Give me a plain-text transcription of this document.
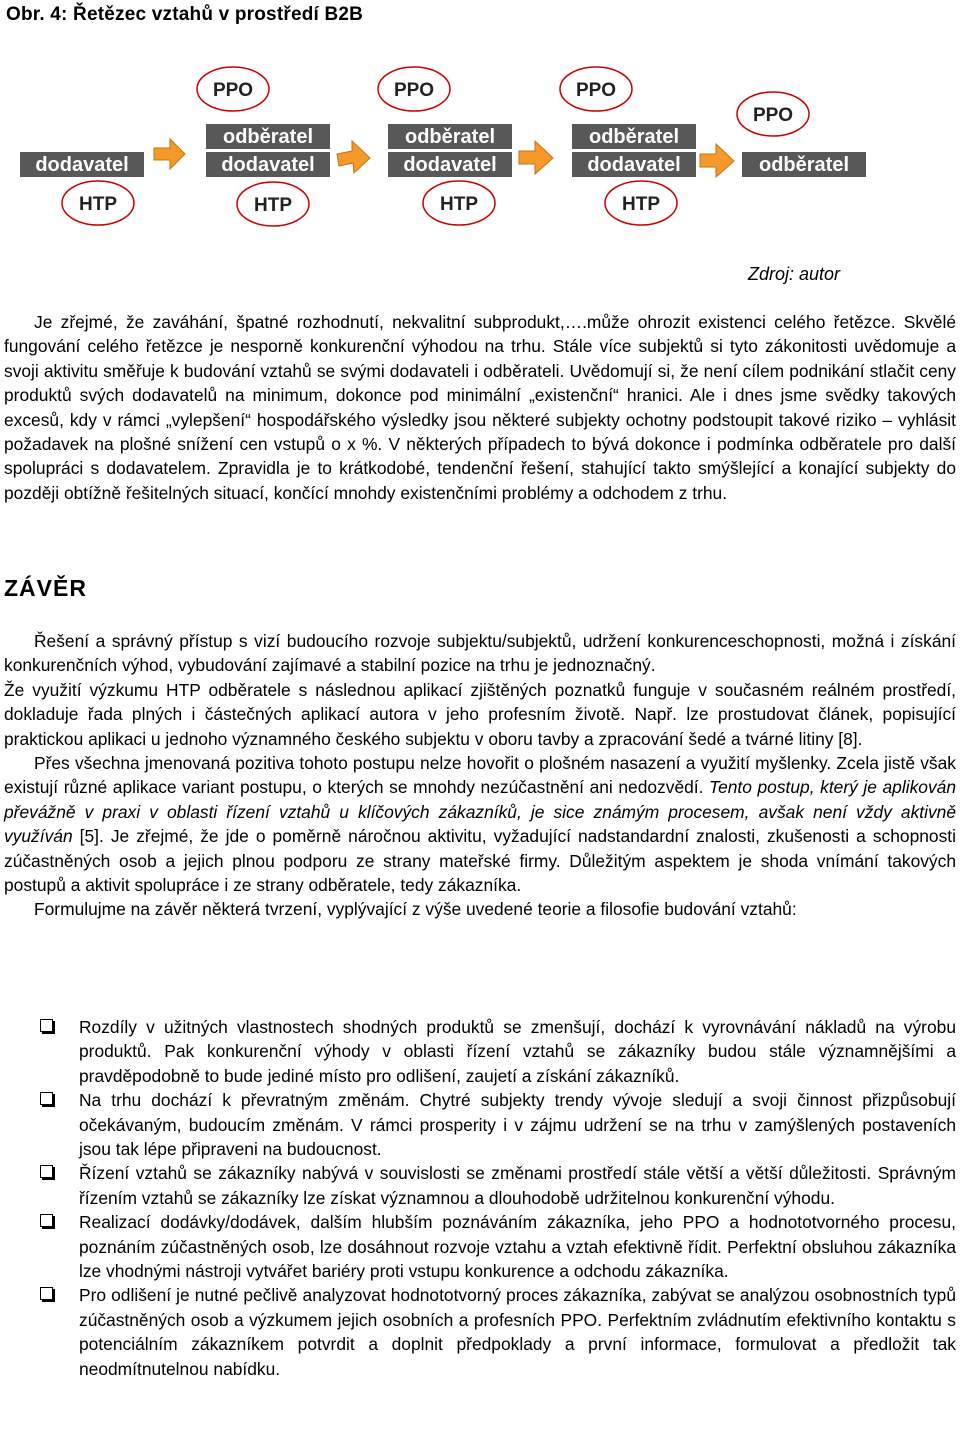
Obr. 4: Řetězec vztahů v prostředí B2B
PPO
odběratel
dodavatel	dodavatel
HTP	HTP
PPO
odběratel
dodavatel
HTP
PPO
odběratel
dodavatel
HTP
PPO
odběratel
Zdroj: autor

Je zřejmé, že zaváhání, špatné rozhodnutí, nekvalitní subprodukt,….může ohrozit existenci celého řetězce. Skvělé fungování celého řetězce je nesporně konkurenční výhodou na trhu. Stále více subjektů si tyto zákonitosti uvědomuje a svoji aktivitu směřuje k budování vztahů se svými dodavateli i odběrateli. Uvědomují si, že není cílem podnikání stlačit ceny produktů svých dodavatelů na minimum, dokonce pod minimální „existenční“ hranici. Ale i dnes jsme svědky takových excesů, kdy v rámci „vylepšení“ hospodářského výsledky jsou některé subjekty ochotny podstoupit takové riziko – vyhlásit požadavek na plošné snížení cen vstupů o x %. V některých případech to bývá dokonce i podmínka odběratele pro další spolupráci s dodavatelem. Zpravidla je to krátkodobé, tendenční řešení, stahující takto smýšlející a konající subjekty do později obtížně řešitelných situací, končící mnohdy existenčními problémy a odchodem z trhu.

ZÁVĚR

Řešení a správný přístup s vizí budoucího rozvoje subjektu/subjektů, udržení konkurenceschopnosti, možná i získání konkurenčních výhod, vybudování zajímavé a stabilní pozice na trhu je jednoznačný.

Že využití výzkumu HTP odběratele s následnou aplikací zjištěných poznatků funguje v současném reálném prostředí, dokladuje řada plných i částečných aplikací autora v jeho profesním životě. Např. lze prostudovat článek, popisující praktickou aplikaci u jednoho významného českého subjektu v oboru tavby a zpracování šedé a tvárné litiny [8].

Přes všechna jmenovaná pozitiva tohoto postupu nelze hovořit o plošném nasazení a využití myšlenky. Zcela jistě však existují různé aplikace variant postupu, o kterých se mnohdy nezúčastnění ani nedozvědí. Tento postup, který je aplikován převážně v praxi v oblasti řízení vztahů u klíčových zákazníků, je sice známým procesem, avšak není vždy aktivně využíván [5]. Je zřejmé, že jde o poměrně náročnou aktivitu, vyžadující nadstandardní znalosti, zkušenosti a schopnosti zúčastněných osob a jejich plnou podporu ze strany mateřské firmy. Důležitým aspektem je shoda vnímání takových postupů a aktivit spolupráce i ze strany odběratele, tedy zákazníka.

Formulujme na závěr některá tvrzení, vyplývající z výše uvedené teorie a filosofie budování vztahů:

Rozdíly v užitných vlastnostech shodných produktů se zmenšují, dochází k vyrovnávání nákladů na výrobu produktů. Pak konkurenční výhody v oblasti řízení vztahů se zákazníky budou stále významnějšími a pravděpodobně to bude jediné místo pro odlišení, zaujetí a získání zákazníků.
Na trhu dochází k převratným změnám. Chytré subjekty trendy vývoje sledují a svoji činnost přizpůsobují očekávaným, budoucím změnám. V rámci prosperity i v zájmu udržení se na trhu v zamýšlených postaveních jsou tak lépe připraveni na budoucnost.
Řízení vztahů se zákazníky nabývá v souvislosti se změnami prostředí stále větší a větší důležitosti. Správným řízením vztahů se zákazníky lze získat významnou a dlouhodobě udržitelnou konkurenční výhodu.
Realizací dodávky/dodávek, dalším hlubším poznáváním zákazníka, jeho PPO a hodnototvorného procesu, poznáním zúčastněných osob, lze dosáhnout rozvoje vztahu a vztah efektivně řídit. Perfektní obsluhou zákazníka lze vhodnými nástroji vytvářet bariéry proti vstupu konkurence a odchodu zákazníka.
Pro odlišení je nutné pečlivě analyzovat hodnototvorný proces zákazníka, zabývat se analýzou osobnostních typů zúčastněných osob a výzkumem jejich osobních a profesních PPO. Perfektním zvládnutím efektivního kontaktu s potenciálním zákazníkem potvrdit a doplnit předpoklady a první informace, formulovat a předložit tak neodmítnutelnou nabídku.
